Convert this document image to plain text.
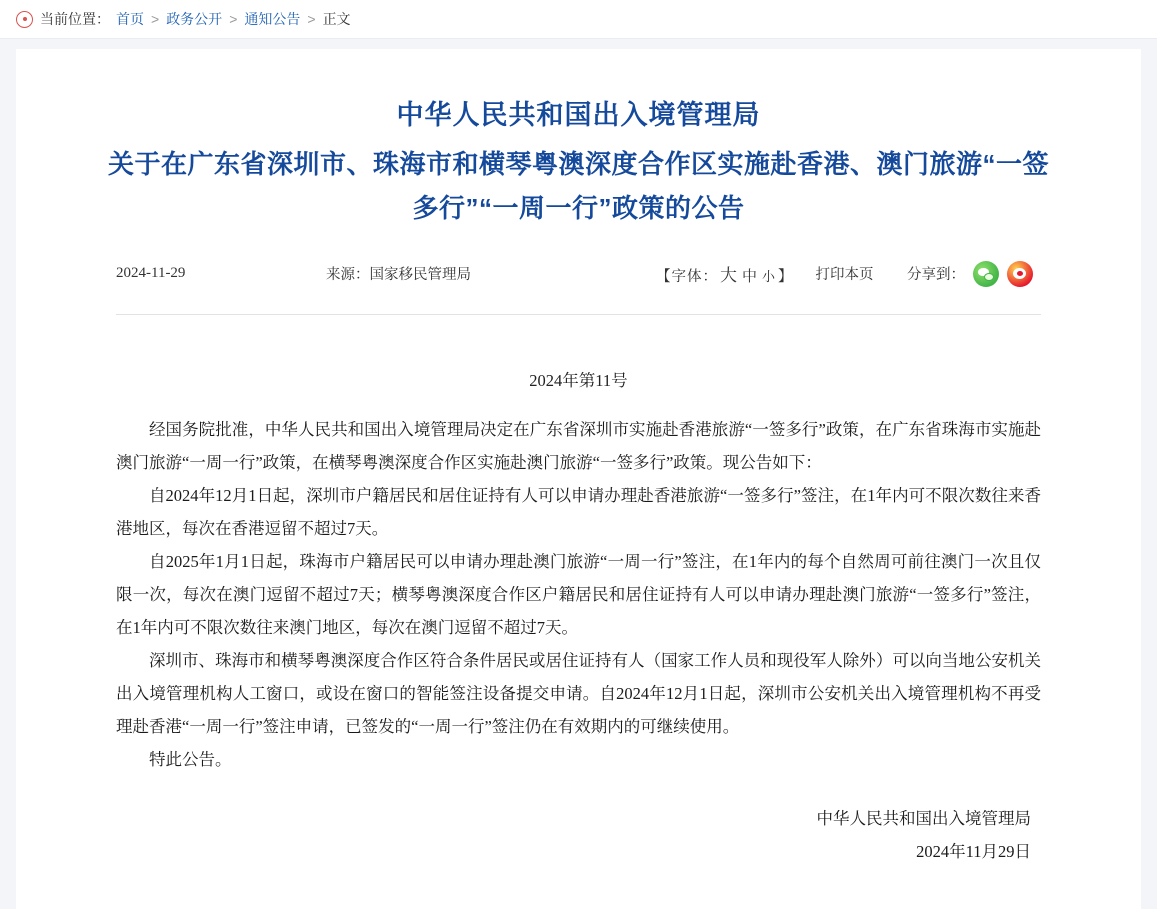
当前位置： 首页 > 政务公开 > 通知公告 > 正文
中华人民共和国出入境管理局
关于在广东省深圳市、珠海市和横琴粤澳深度合作区实施赴香港、澳门旅游“一签多行”“一周一行”政策的公告
2024-11-29	来源：国家移民管理局	【字体： 大 中 小 】 打印本页 分享到：
2024年第11号

经国务院批准，中华人民共和国出入境管理局决定在广东省深圳市实施赴香港旅游“一签多行”政策，在广东省珠海市实施赴澳门旅游“一周一行”政策，在横琴粤澳深度合作区实施赴澳门旅游“一签多行”政策。现公告如下：

自2024年12月1日起，深圳市户籍居民和居住证持有人可以申请办理赴香港旅游“一签多行”签注，在1年内可不限次数往来香港地区，每次在香港逗留不超过7天。

自2025年1月1日起，珠海市户籍居民可以申请办理赴澳门旅游“一周一行”签注，在1年内的每个自然周可前往澳门一次且仅限一次，每次在澳门逗留不超过7天；横琴粤澳深度合作区户籍居民和居住证持有人可以申请办理赴澳门旅游“一签多行”签注，在1年内可不限次数往来澳门地区，每次在澳门逗留不超过7天。

深圳市、珠海市和横琴粤澳深度合作区符合条件居民或居住证持有人（国家工作人员和现役军人除外）可以向当地公安机关出入境管理机构人工窗口，或设在窗口的智能签注设备提交申请。自2024年12月1日起，深圳市公安机关出入境管理机构不再受理赴香港“一周一行”签注申请，已签发的“一周一行”签注仍在有效期内的可继续使用。

特此公告。

中华人民共和国出入境管理局
2024年11月29日
